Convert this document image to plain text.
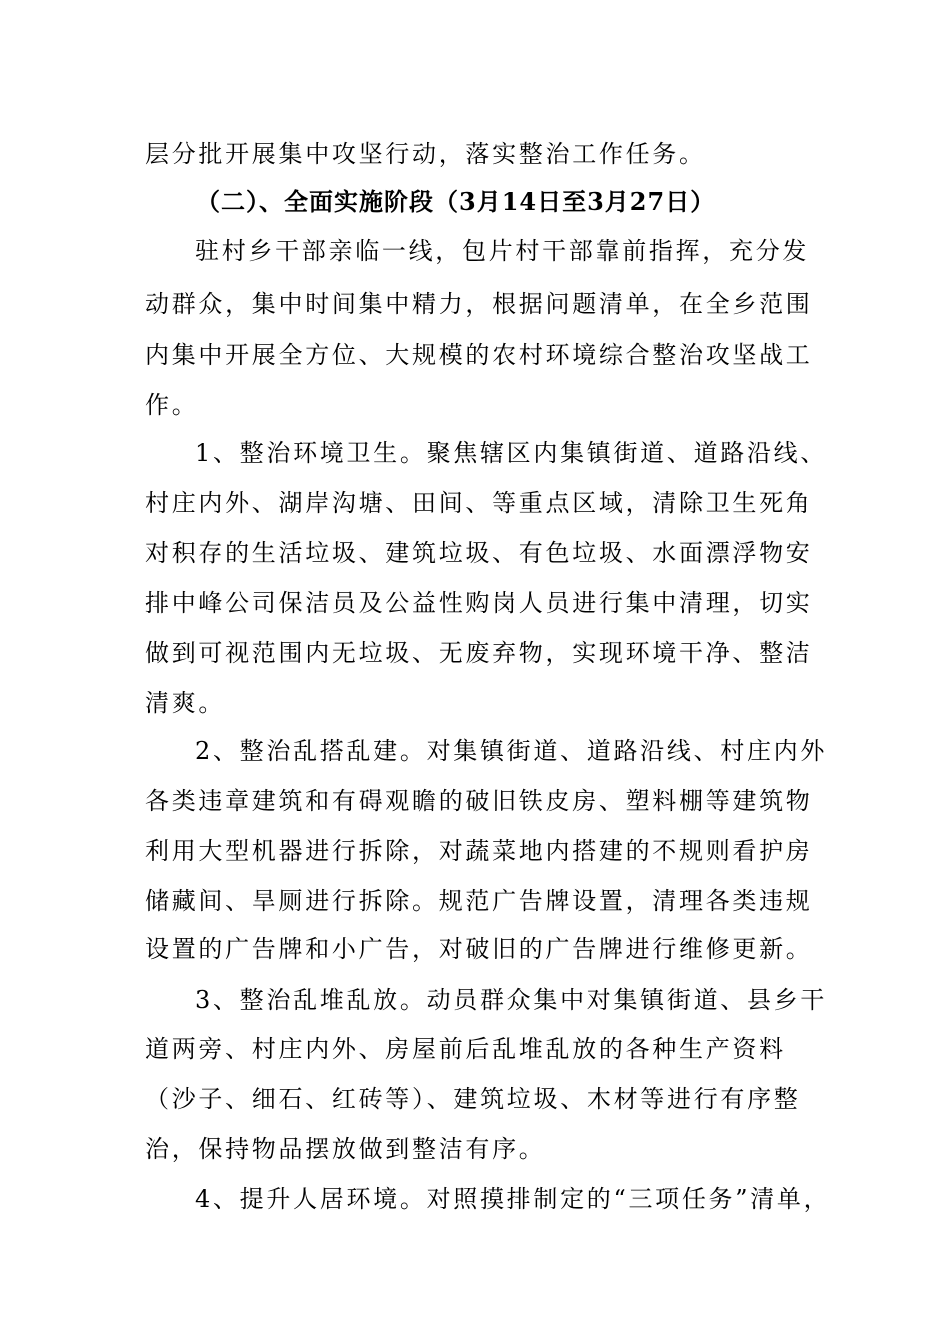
层分批开展集中攻坚行动，落实整治工作任务。
（二）、全面实施阶段（3月14日至3月27日）
驻村乡干部亲临一线，包片村干部靠前指挥，充分发
动群众，集中时间集中精力，根据问题清单，在全乡范围
内集中开展全方位、大规模的农村环境综合整治攻坚战工
作。
1、整治环境卫生。聚焦辖区内集镇街道、道路沿线、
村庄内外、湖岸沟塘、田间、等重点区域，清除卫生死角
对积存的生活垃圾、建筑垃圾、有色垃圾、水面漂浮物安
排中峰公司保洁员及公益性购岗人员进行集中清理，切实
做到可视范围内无垃圾、无废弃物，实现环境干净、整洁
清爽。
2、整治乱搭乱建。对集镇街道、道路沿线、村庄内外
各类违章建筑和有碍观瞻的破旧铁皮房、塑料棚等建筑物
利用大型机器进行拆除，对蔬菜地内搭建的不规则看护房
储藏间、旱厕进行拆除。规范广告牌设置，清理各类违规
设置的广告牌和小广告，对破旧的广告牌进行维修更新。
3、整治乱堆乱放。动员群众集中对集镇街道、县乡干
道两旁、村庄内外、房屋前后乱堆乱放的各种生产资料
（沙子、细石、红砖等）、建筑垃圾、木材等进行有序整
治，保持物品摆放做到整洁有序。
4、提升人居环境。对照摸排制定的“三项任务”清单，
